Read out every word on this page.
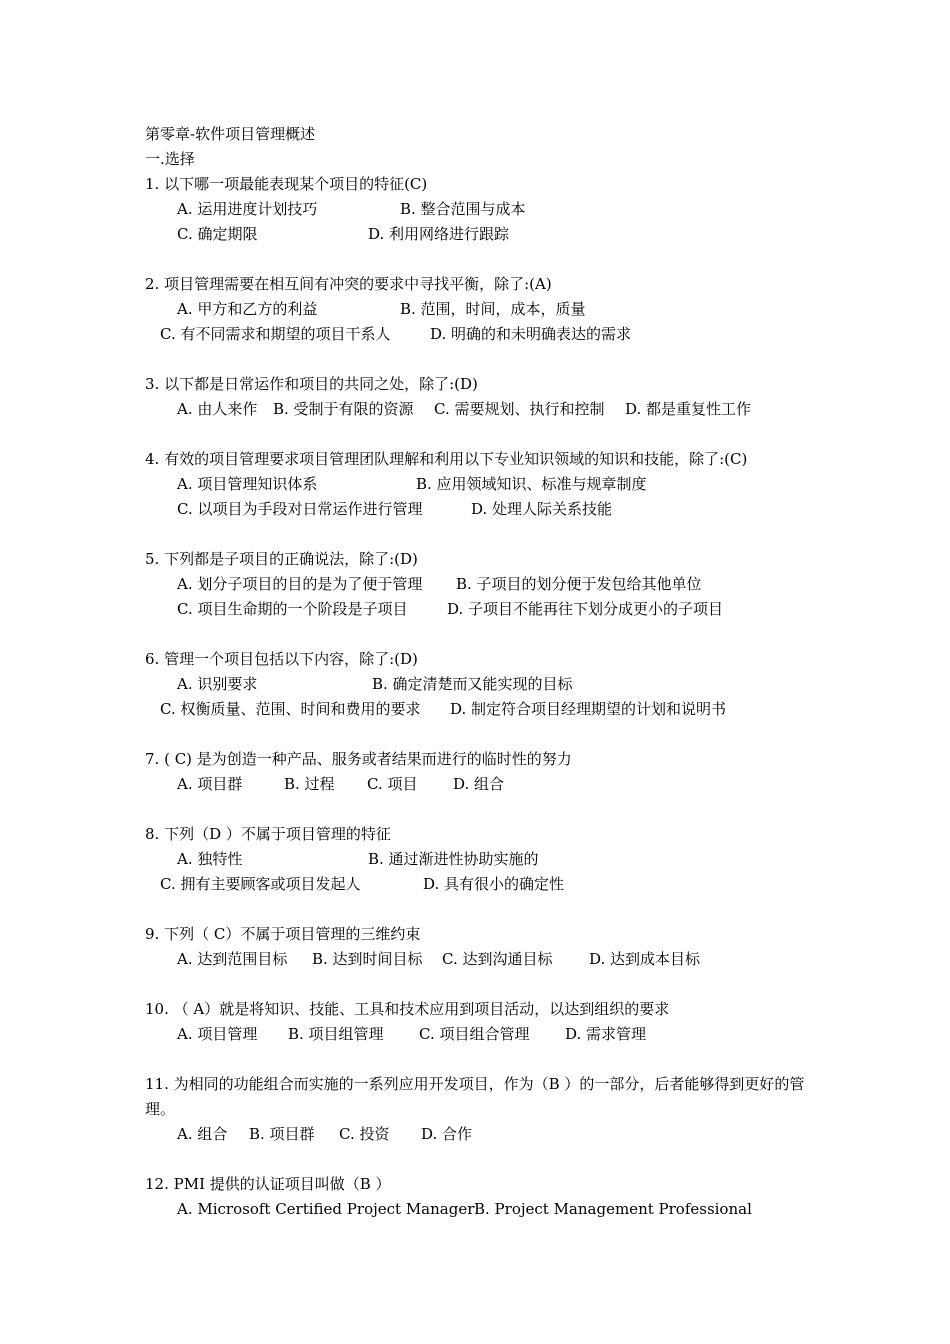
第零章-软件项目管理概述
一.选择
1. 以下哪一项最能表现某个项目的特征(C)
A. 运用进度计划技巧	B. 整合范围与成本
C. 确定期限	D. 利用网络进行跟踪
2. 项目管理需要在相互间有冲突的要求中寻找平衡，除了:(A)
A. 甲方和乙方的利益	B. 范围，时间，成本，质量
C. 有不同需求和期望的项目干系人	D. 明确的和未明确表达的需求
3. 以下都是日常运作和项目的共同之处，除了:(D)
A. 由人来作 B. 受制于有限的资源 C. 需要规划、执行和控制 D. 都是重复性工作
4. 有效的项目管理要求项目管理团队理解和利用以下专业知识领域的知识和技能，除了:(C)
A. 项目管理知识体系	B. 应用领域知识、标准与规章制度
C. 以项目为手段对日常运作进行管理	D. 处理人际关系技能
5. 下列都是子项目的正确说法，除了:(D)
A. 划分子项目的目的是为了便于管理 B. 子项目的划分便于发包给其他单位
C. 项目生命期的一个阶段是子项目	D. 子项目不能再往下划分成更小的子项目
6. 管理一个项目包括以下内容，除了:(D)
A. 识别要求	B. 确定清楚而又能实现的目标
C. 权衡质量、范围、时间和费用的要求 D. 制定符合项目经理期望的计划和说明书
7. ( C) 是为创造一种产品、服务或者结果而进行的临时性的努力
A. 项目群	B. 过程 C. 项目 D. 组合
8. 下列（D ）不属于项目管理的特征
A. 独特性	B. 通过渐进性协助实施的
C. 拥有主要顾客或项目发起人	D. 具有很小的确定性
9. 下列（ C）不属于项目管理的三维约束
A. 达到范围目标 B. 达到时间目标 C. 达到沟通目标 D. 达到成本目标
10. （ A）就是将知识、技能、工具和技术应用到项目活动，以达到组织的要求
A. 项目管理 B. 项目组管理 C. 项目组合管理 D. 需求管理
11. 为相同的功能组合而实施的一系列应用开发项目，作为（B ）的一部分，后者能够得到更好的管理。
A. 组合 B. 项目群 C. 投资 D. 合作
12. PMI 提供的认证项目叫做（B ）
A. Microsoft Certified Project Manager B. Project Management Professional
